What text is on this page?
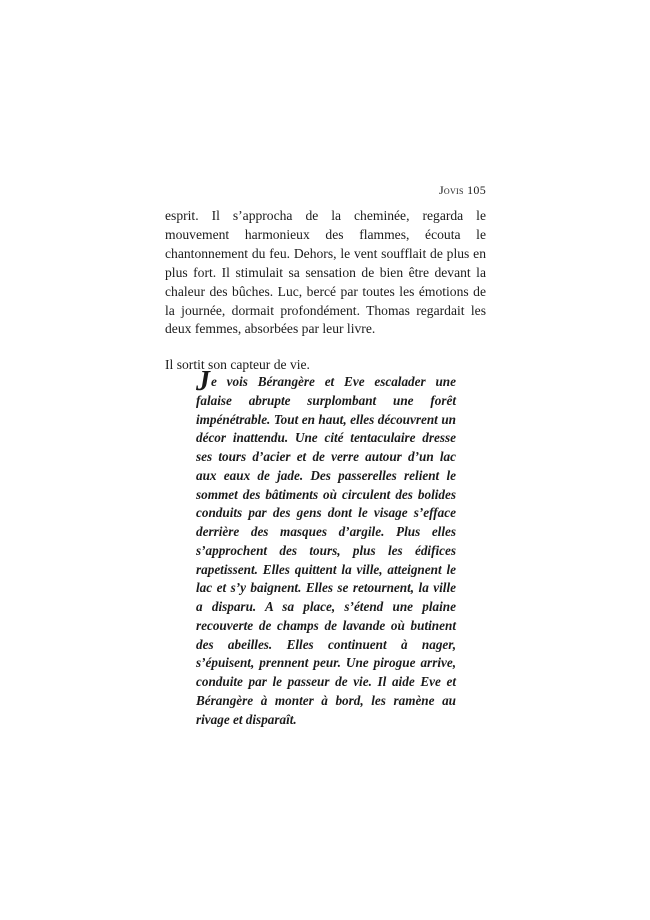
Jovis 105

esprit. Il s’approcha de la cheminée, regarda le mouvement harmonieux des flammes, écouta le chantonnement du feu. Dehors, le vent soufflait de plus en plus fort. Il stimulait sa sensation de bien être devant la chaleur des bûches. Luc, bercé par toutes les émotions de la journée, dormait profondément. Thomas regardait les deux femmes, absorbées par leur livre.

Il sortit son capteur de vie.

Je vois Bérangère et Eve escalader une falaise abrupte surplombant une forêt impénétrable. Tout en haut, elles découvrent un décor inattendu. Une cité tentaculaire dresse ses tours d’acier et de verre autour d’un lac aux eaux de jade. Des passerelles relient le sommet des bâtiments où circulent des bolides conduits par des gens dont le visage s’efface derrière des masques d’argile. Plus elles s’approchent des tours, plus les édifices rapetissent. Elles quittent la ville, atteignent le lac et s’y baignent. Elles se retournent, la ville a disparu. A sa place, s’étend une plaine recouverte de champs de lavande où butinent des abeilles. Elles continuent à nager, s’épuisent, prennent peur. Une pirogue arrive, conduite par le passeur de vie. Il aide Eve et Bérangère à monter à bord, les ramène au rivage et disparaît.
